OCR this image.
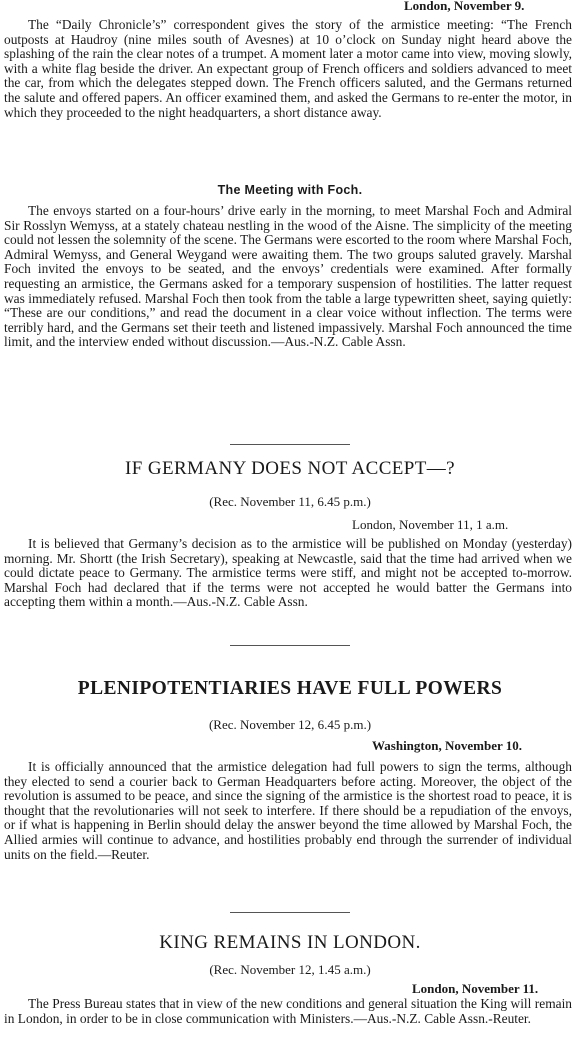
London, November 9.

The “Daily Chronicle’s” correspondent gives the story of the armistice meeting: “The French outposts at Haudroy (nine miles south of Avesnes) at 10 o’clock on Sunday night heard above the splashing of the rain the clear notes of a trumpet. A moment later a motor came into view, moving slowly, with a white flag beside the driver. An expectant group of French officers and soldiers advanced to meet the car, from which the delegates stepped down. The French officers saluted, and the Germans returned the salute and offered papers. An officer examined them, and asked the Germans to re-enter the motor, in which they proceeded to the night headquarters, a short distance away.

The Meeting with Foch.

The envoys started on a four-hours’ drive early in the morning, to meet Marshal Foch and Admiral Sir Rosslyn Wemyss, at a stately chateau nestling in the wood of the Aisne. The simplicity of the meeting could not lessen the solemnity of the scene. The Germans were escorted to the room where Marshal Foch, Admiral Wemyss, and General Weygand were awaiting them. The two groups saluted gravely. Marshal Foch invited the envoys to be seated, and the envoys’ credentials were examined. After formally requesting an armistice, the Germans asked for a temporary suspension of hostilities. The latter request was immediately refused. Marshal Foch then took from the table a large typewritten sheet, saying quietly: “These are our conditions,” and read the document in a clear voice without inflection. The terms were terribly hard, and the Germans set their teeth and listened impassively. Marshal Foch announced the time limit, and the interview ended without discussion.—Aus.-N.Z. Cable Assn.

IF GERMANY DOES NOT ACCEPT—?
(Rec. November 11, 6.45 p.m.)
London, November 11, 1 a.m.

It is believed that Germany’s decision as to the armistice will be published on Monday (yesterday) morning. Mr. Shortt (the Irish Secretary), speaking at Newcastle, said that the time had arrived when we could dictate peace to Germany. The armistice terms were stiff, and might not be accepted to-morrow. Marshal Foch had declared that if the terms were not accepted he would batter the Germans into accepting them within a month.—Aus.-N.Z. Cable Assn.

PLENIPOTENTIARIES HAVE FULL POWERS
(Rec. November 12, 6.45 p.m.)
Washington, November 10.

It is officially announced that the armistice delegation had full powers to sign the terms, although they elected to send a courier back to German Headquarters before acting. Moreover, the object of the revolution is assumed to be peace, and since the signing of the armistice is the shortest road to peace, it is thought that the revolutionaries will not seek to interfere. If there should be a repudiation of the envoys, or if what is happening in Berlin should delay the answer beyond the time allowed by Marshal Foch, the Allied armies will continue to advance, and hostilities probably end through the surrender of individual units on the field.—Reuter.

KING REMAINS IN LONDON.
(Rec. November 12, 1.45 a.m.)
London, November 11.

The Press Bureau states that in view of the new conditions and general situation the King will remain in London, in order to be in close communication with Ministers.—Aus.-N.Z. Cable Assn.-Reuter.
